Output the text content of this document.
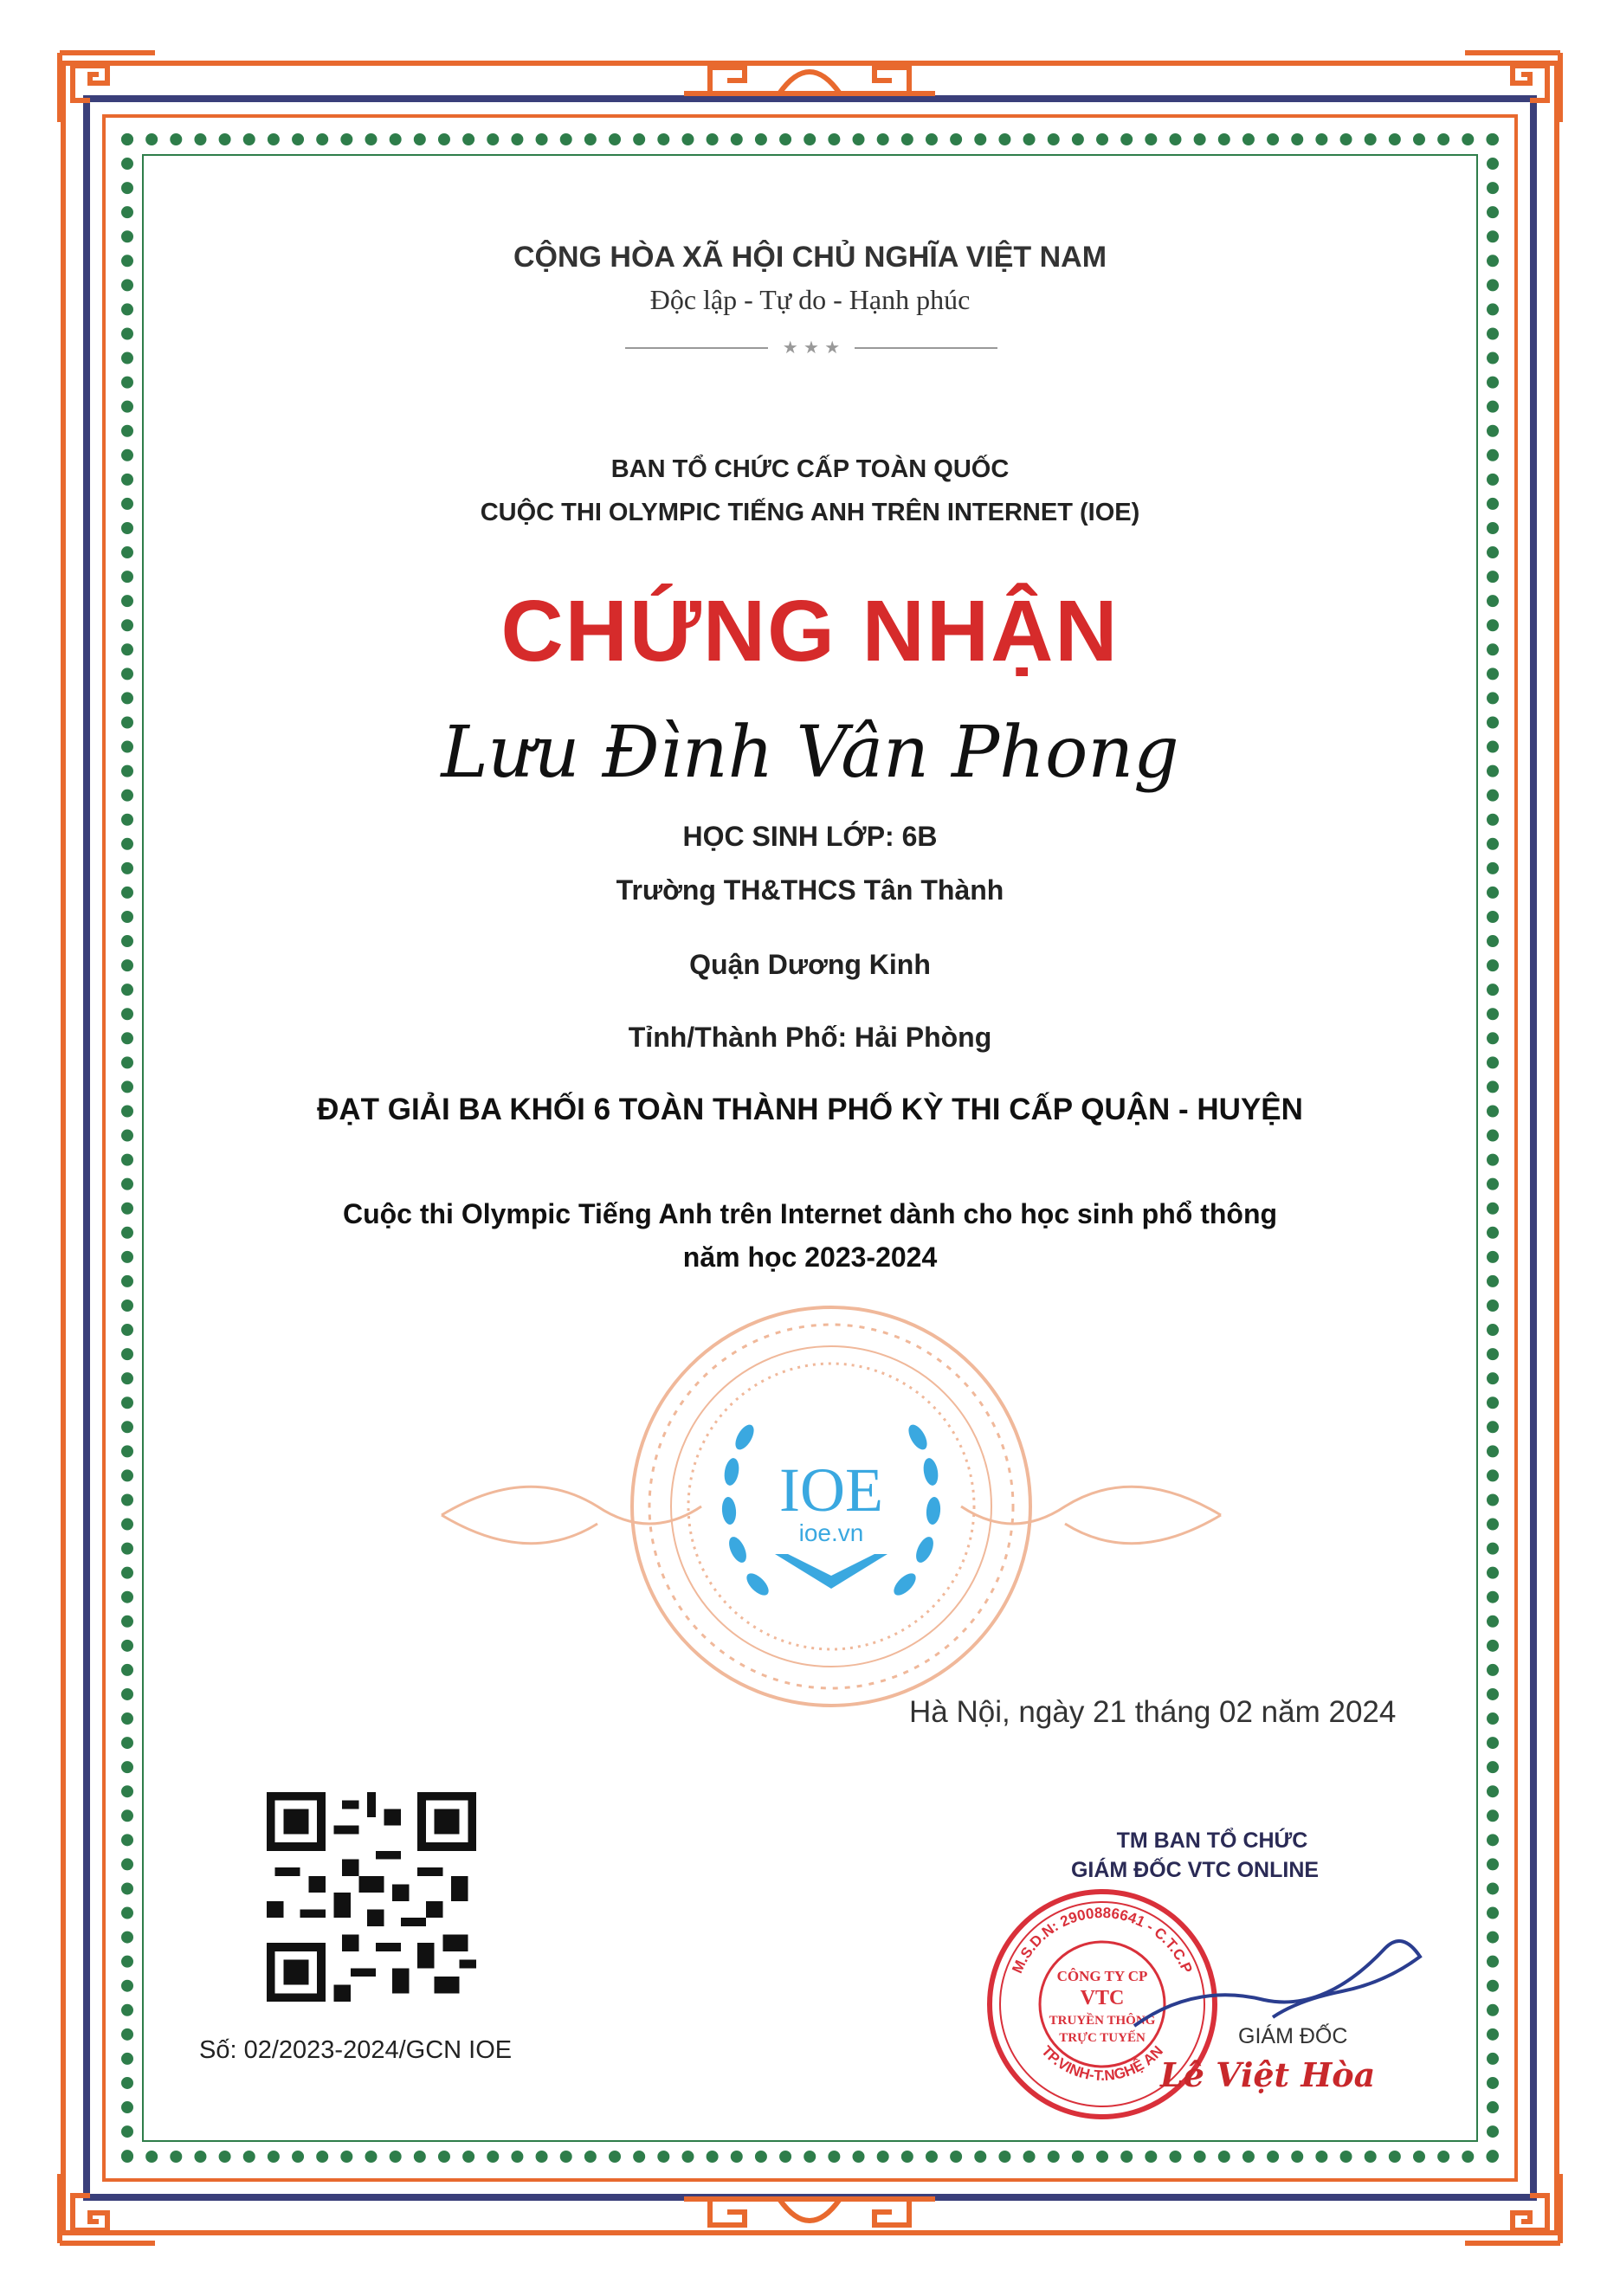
CỘNG HÒA XÃ HỘI CHỦ NGHĨA VIỆT NAM
Độc lập - Tự do - Hạnh phúc
★ ★ ★
BAN TỔ CHỨC CẤP TOÀN QUỐC
CUỘC THI OLYMPIC TIẾNG ANH TRÊN INTERNET (IOE)
CHỨNG NHẬN
Lưu Đình Vân Phong
HỌC SINH LỚP: 6B
Trường TH&THCS Tân Thành
Quận Dương Kinh
Tỉnh/Thành Phố: Hải Phòng
ĐẠT GIẢI BA KHỐI 6 TOÀN THÀNH PHỐ KỲ THI CẤP QUẬN - HUYỆN
Cuộc thi Olympic Tiếng Anh trên Internet dành cho học sinh phổ thông
năm học 2023-2024
IOE
ioe.vn
Hà Nội, ngày 21 tháng 02 năm 2024
Số: 02/2023-2024/GCN IOE
TM BAN TỔ CHỨC
GIÁM ĐỐC VTC ONLINE
M.S.D.N: 2900886641 - C.T.C.P
TP.VINH-T.NGHỆ AN
CÔNG TY CP
VTC
TRUYỀN THÔNG
TRỰC TUYẾN	GIÁM ĐỐC
Lê Việt Hòa
